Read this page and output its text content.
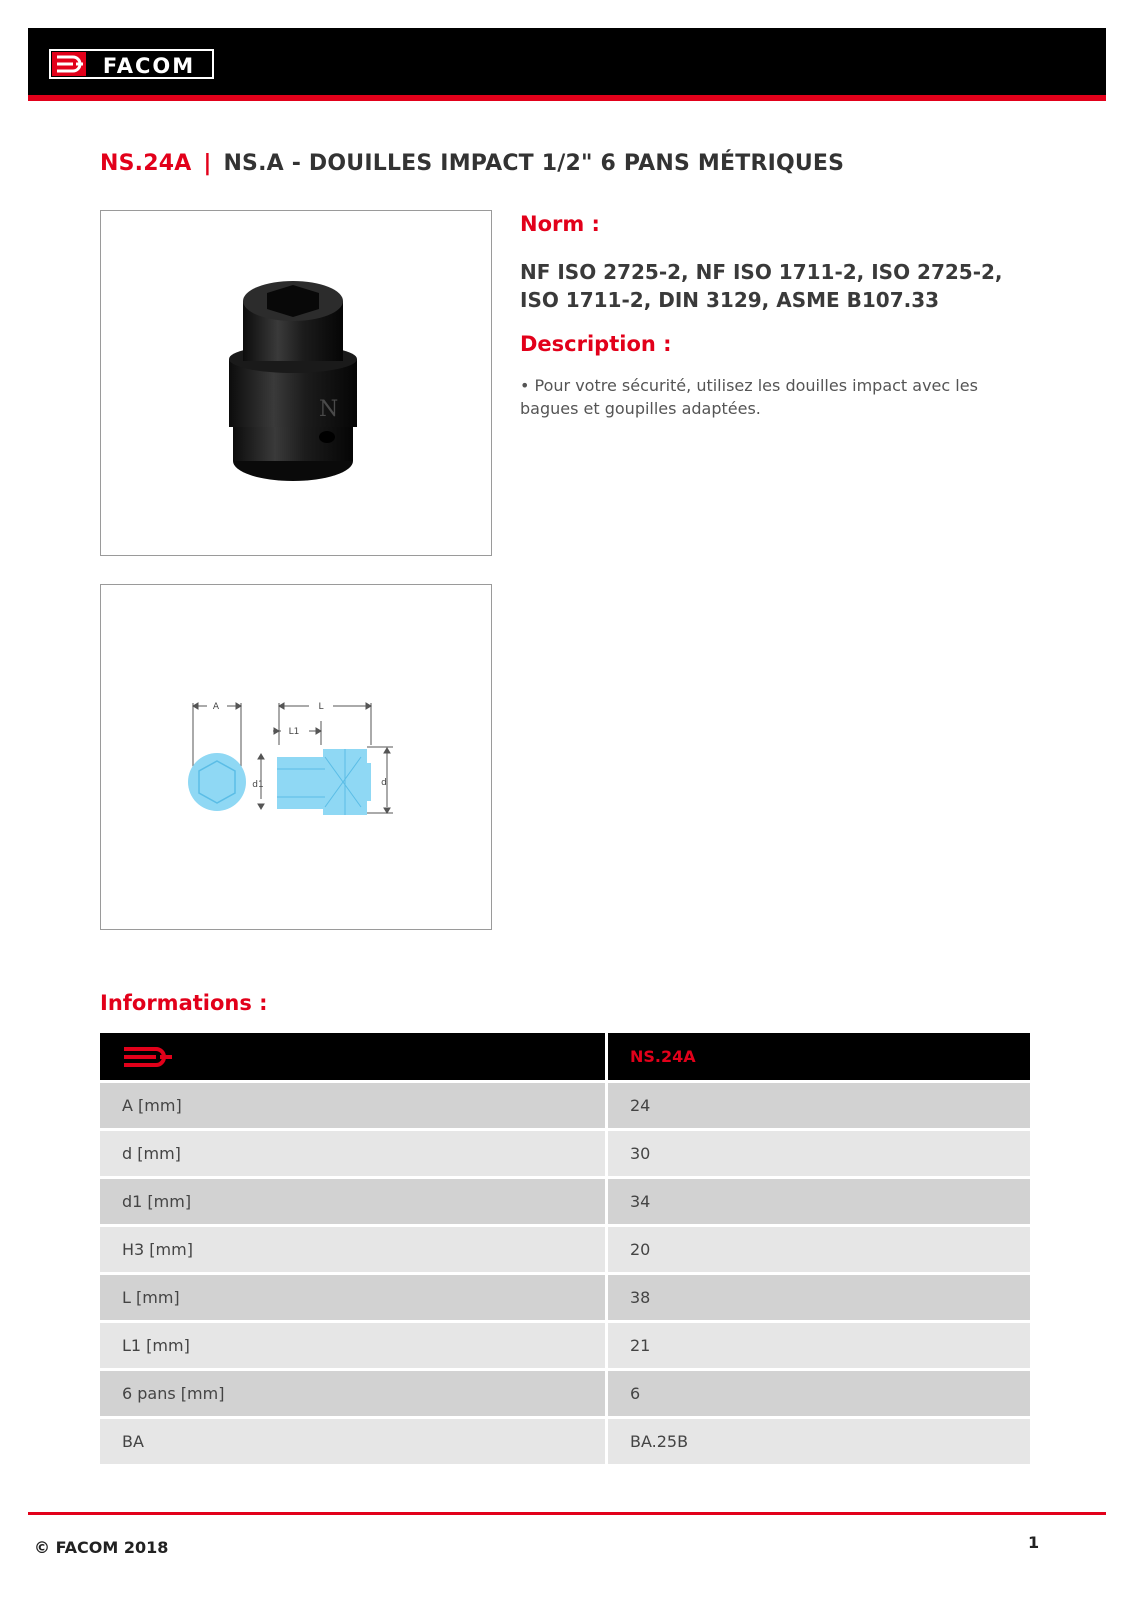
FACOM
NS.24A | NS.A - DOUILLES IMPACT 1/2" 6 PANS MÉTRIQUES
N
A	L
L1
d1	d
Norm :
NF ISO 2725-2, NF ISO 1711-2, ISO 2725-2, ISO 1711-2, DIN 3129, ASME B107.33
Description :
• Pour votre sécurité, utilisez les douilles impact avec les bagues et goupilles adaptées.
Informations :
NS.24A
A [mm]	24
d [mm]	30
d1 [mm]	34
H3 [mm]	20
L [mm]	38
L1 [mm]	21
6 pans [mm]	6
BA	BA.25B
© FACOM 2018	1
